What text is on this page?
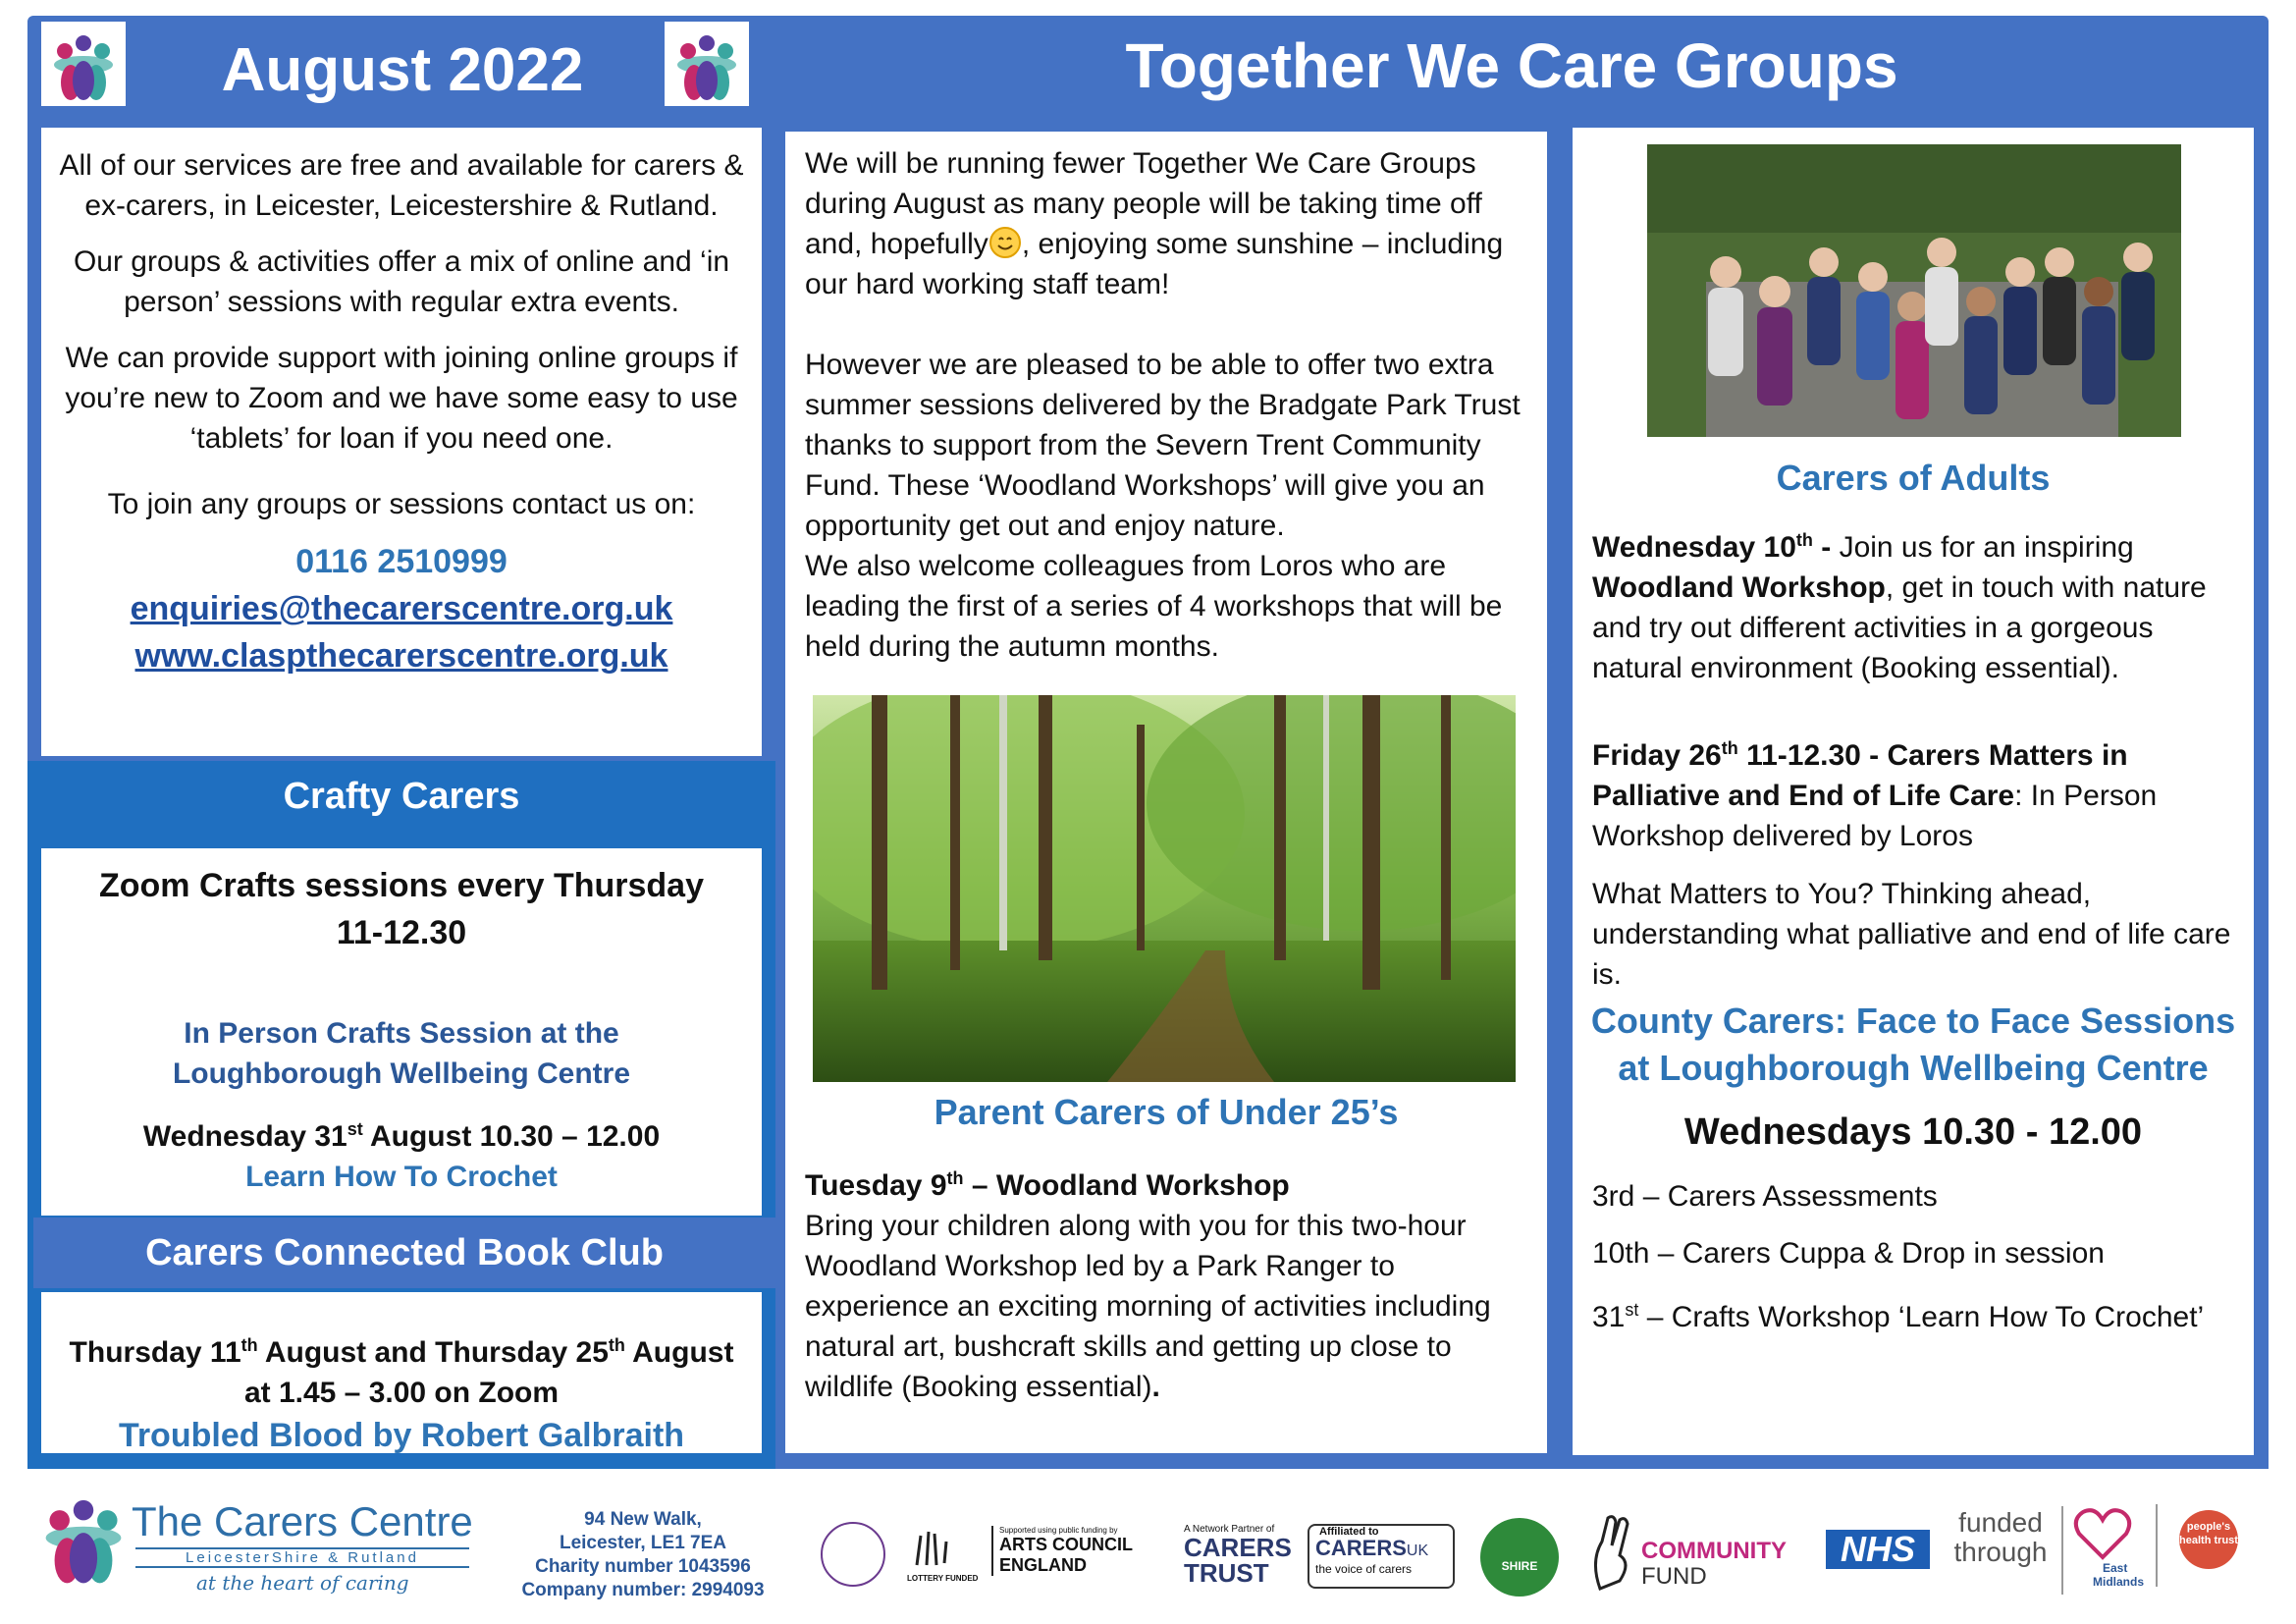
August 2022	Together We Care Groups

All of our services are free and available for carers & ex-carers, in Leicester, Leicestershire & Rutland.

Our groups & activities offer a mix of online and ‘in person’ sessions with regular extra events.

We can provide support with joining online groups if you’re new to Zoom and we have some easy to use ‘tablets’ for loan if you need one.

To join any groups or sessions contact us on:

0116 2510999

enquiries@thecarerscentre.org.uk

www.claspthecarerscentre.org.uk

Crafty Carers

Zoom Crafts sessions every Thursday

11-12.30

In Person Crafts Session at the

Loughborough Wellbeing Centre

Wednesday 31st August 10.30 – 12.00

Learn How To Crochet

Carers Connected Book Club

Thursday 11th August and Thursday 25th August

at 1.45 – 3.00 on Zoom

Troubled Blood by Robert Galbraith

We will be running fewer Together We Care Groups during August as many people will be taking time off and, hopefully , enjoying some sunshine – including our hard working staff team!

However we are pleased to be able to offer two extra summer sessions delivered by the Bradgate Park Trust thanks to support from the Severn Trent Community Fund. These ‘Woodland Workshops’ will give you an opportunity get out and enjoy nature.

We also welcome colleagues from Loros who are leading the first of a series of 4 workshops that will be held during the autumn months.

Parent Carers of Under 25’s

Tuesday 9th – Woodland Workshop

Bring your children along with you for this two-hour Woodland Workshop led by a Park Ranger to experience an exciting morning of activities including natural art, bushcraft skills and getting up close to wildlife (Booking essential).

Carers of Adults

Wednesday 10th - Join us for an inspiring Woodland Workshop, get in touch with nature and try out different activities in a gorgeous natural environment (Booking essential).

Friday 26th 11-12.30 - Carers Matters in Palliative and End of Life Care: In Person Workshop delivered by Loros

What Matters to You? Thinking ahead, understanding what palliative and end of life care is.

County Carers: Face to Face Sessions at Loughborough Wellbeing Centre
Wednesdays 10.30 - 12.00

3rd – Carers Assessments

10th – Carers Cuppa & Drop in session

31st – Crafts Workshop ‘Learn How To Crochet’

The Carers Centre
LeicesterShire & Rutland
at the heart of caring

94 New Walk,

Leicester, LE1 7EA

Charity number 1043596

Company number: 2994093

LOTTERY FUNDED
Supported using public funding by
ARTS COUNCIL
ENGLAND
A Network Partner of
CARERS
TRUST
Affiliated to
CARERSUK
the voice of carers	SHIRE
COMMUNITY
FUND
NHS

funded

through

East
Midlands
people's health trust
